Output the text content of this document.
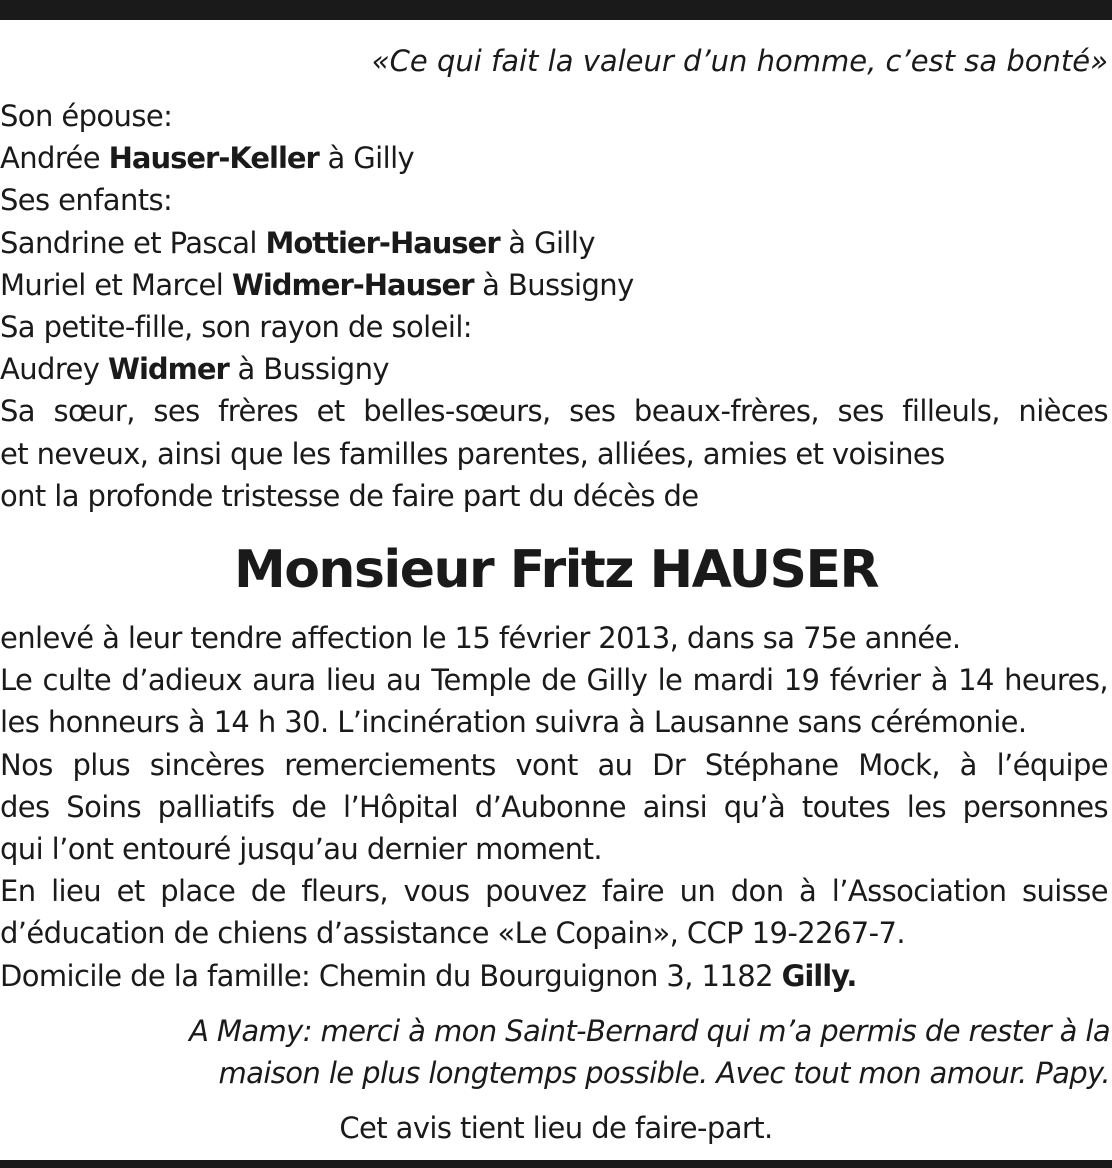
«Ce qui fait la valeur d’un homme, c’est sa bonté»
Son épouse:
Andrée Hauser-Keller à Gilly
Ses enfants:
Sandrine et Pascal Mottier-Hauser à Gilly
Muriel et Marcel Widmer-Hauser à Bussigny
Sa petite-fille, son rayon de soleil:
Audrey Widmer à Bussigny
Sa sœur, ses frères et belles-sœurs, ses beaux-frères, ses filleuls, nièces
et neveux, ainsi que les familles parentes, alliées, amies et voisines
ont la profonde tristesse de faire part du décès de
Monsieur Fritz HAUSER
enlevé à leur tendre affection le 15 février 2013, dans sa 75e année.
Le culte d’adieux aura lieu au Temple de Gilly le mardi 19 février à 14 heures,
les honneurs à 14 h 30. L’incinération suivra à Lausanne sans cérémonie.
Nos plus sincères remerciements vont au Dr Stéphane Mock, à l’équipe
des Soins palliatifs de l’Hôpital d’Aubonne ainsi qu’à toutes les personnes
qui l’ont entouré jusqu’au dernier moment.
En lieu et place de fleurs, vous pouvez faire un don à l’Association suisse
d’éducation de chiens d’assistance «Le Copain», CCP 19-2267-7.
Domicile de la famille: Chemin du Bourguignon 3, 1182 Gilly.
A Mamy: merci à mon Saint-Bernard qui m’a permis de rester à la
maison le plus longtemps possible. Avec tout mon amour. Papy.
Cet avis tient lieu de faire-part.
